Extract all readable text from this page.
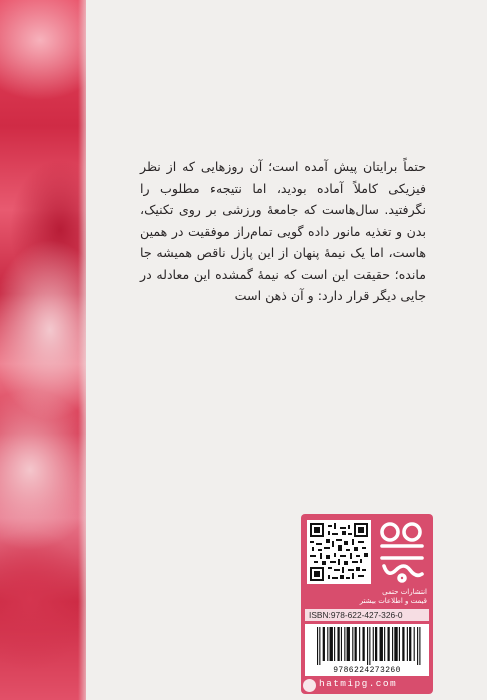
حتماً برایتان پیش آمده است؛ آن روزهایی که از نظر فیزیکی کاملاً آماده بودید، اما نتیجهء مطلوب را نگرفتید. سال‌هاست که جامعهٔ ورزشی بر روی تکنیک، بدن و تغذیه مانور داده گویی تمام‌راز موفقیت در همین هاست، اما یک نیمهٔ پنهان از این پازل ناقص همیشه جا مانده؛ حقیقت این است که نیمهٔ گمشده این معادله در جایی دیگر قرار دارد: و آن ذهن است

انتشارات حتمی
قیمت و اطلاعات بیشتر
ISBN:978-622-427-326-0
9786224273260
hatmipg.com
